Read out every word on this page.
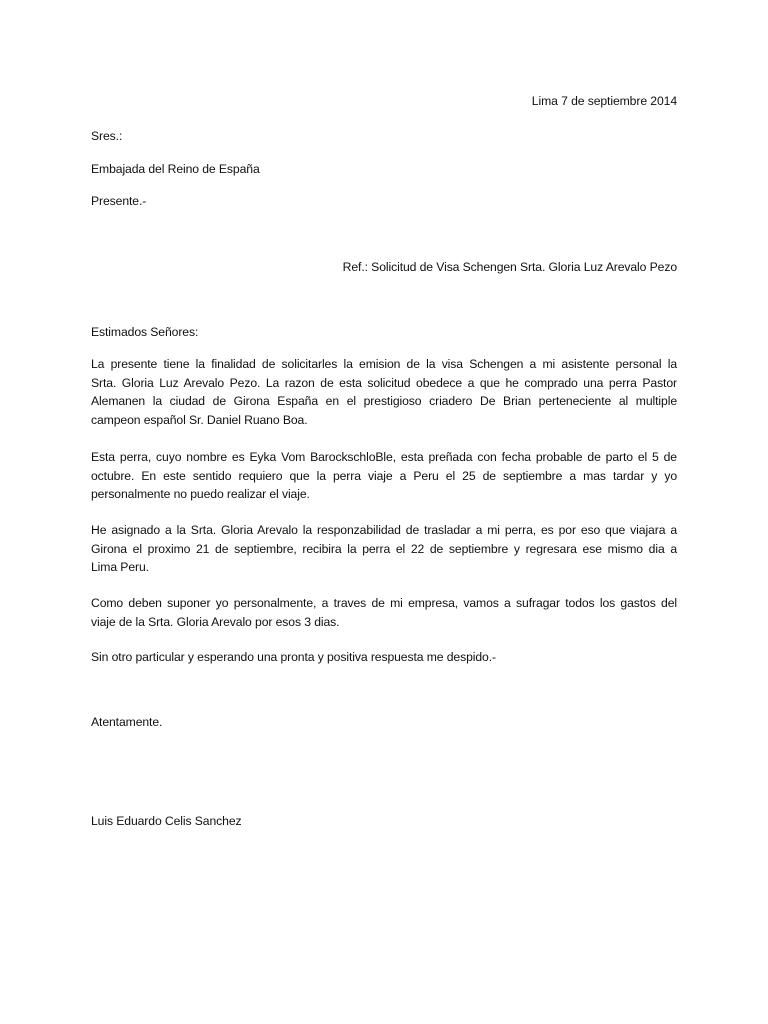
Lima 7 de septiembre 2014
Sres.:
Embajada del Reino de España
Presente.-
Ref.: Solicitud de Visa Schengen Srta. Gloria Luz Arevalo Pezo
Estimados Señores:
La presente tiene la finalidad de solicitarles la emision de la visa Schengen a mi asistente personal la
Srta. Gloria Luz Arevalo Pezo. La razon de esta solicitud obedece a que he comprado una perra Pastor
Alemanen la ciudad de Girona España en el prestigioso criadero De Brian perteneciente al multiple
campeon español Sr. Daniel Ruano Boa.
Esta perra, cuyo nombre es Eyka Vom BarockschloBle, esta preñada con fecha probable de parto el 5 de
octubre. En este sentido requiero que la perra viaje a Peru el 25 de septiembre a mas tardar y yo
personalmente no puedo realizar el viaje.
He asignado a la Srta. Gloria Arevalo la responzabilidad de trasladar a mi perra, es por eso que viajara a
Girona el proximo 21 de septiembre, recibira la perra el 22 de septiembre y regresara ese mismo dia a
Lima Peru.
Como deben suponer yo personalmente, a traves de mi empresa, vamos a sufragar todos los gastos del
viaje de la Srta. Gloria Arevalo por esos 3 dias.
Sin otro particular y esperando una pronta y positiva respuesta me despido.-
Atentamente.
Luis Eduardo Celis Sanchez
